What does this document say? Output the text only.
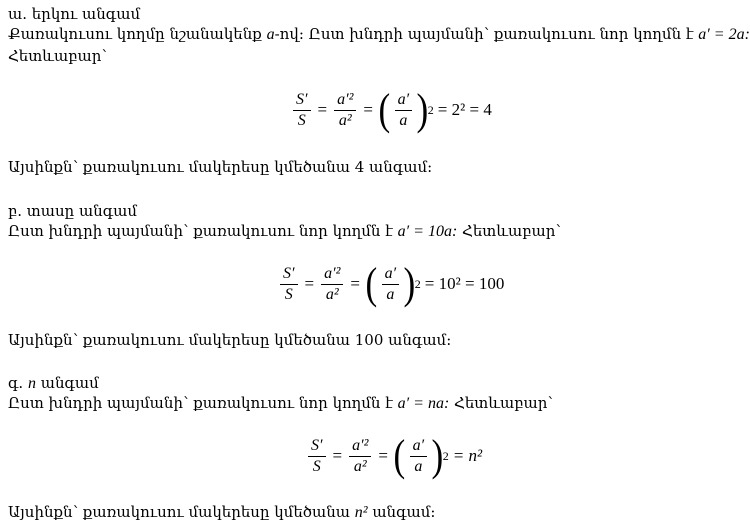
ա. երկու անգամ
Քառակուսու կողմը նշանակենք a-ով: Ըստ խնդրի պայմանի՝ քառակուսու նոր կողմն է a′ = 2a:
Հետևաբար՝
$\frac{S'}{S} = \frac{\text{a′²}}{\text{a²}}$ = ( $\frac{a'}{a}$ ) 2 = 2² = 4
Այսինքն՝ քառակուսու մակերեսը կմեծանա 4 անգամ:
բ. տասը անգամ
Ըստ խնդրի պայմանի՝ քառակուսու նոր կողմն է a′ = 10a: Հետևաբար՝
$\frac{S'}{S} = \frac{\text{a′²}}{\text{a²}}$ = ( $\frac{a'}{a}$ ) 2 = 10² = 100
Այսինքն՝ քառակուսու մակերեսը կմեծանա 100 անգամ:
գ. n անգամ
Ըստ խնդրի պայմանի՝ քառակուսու նոր կողմն է a′ = na: Հետևաբար՝
$\frac{S'}{S} = \frac{\text{a′²}}{\text{a²}}$ = ( $\frac{a'}{a}$ ) 2 = n²
Այսինքն՝ քառակուսու մակերեսը կմեծանա n² անգամ:
